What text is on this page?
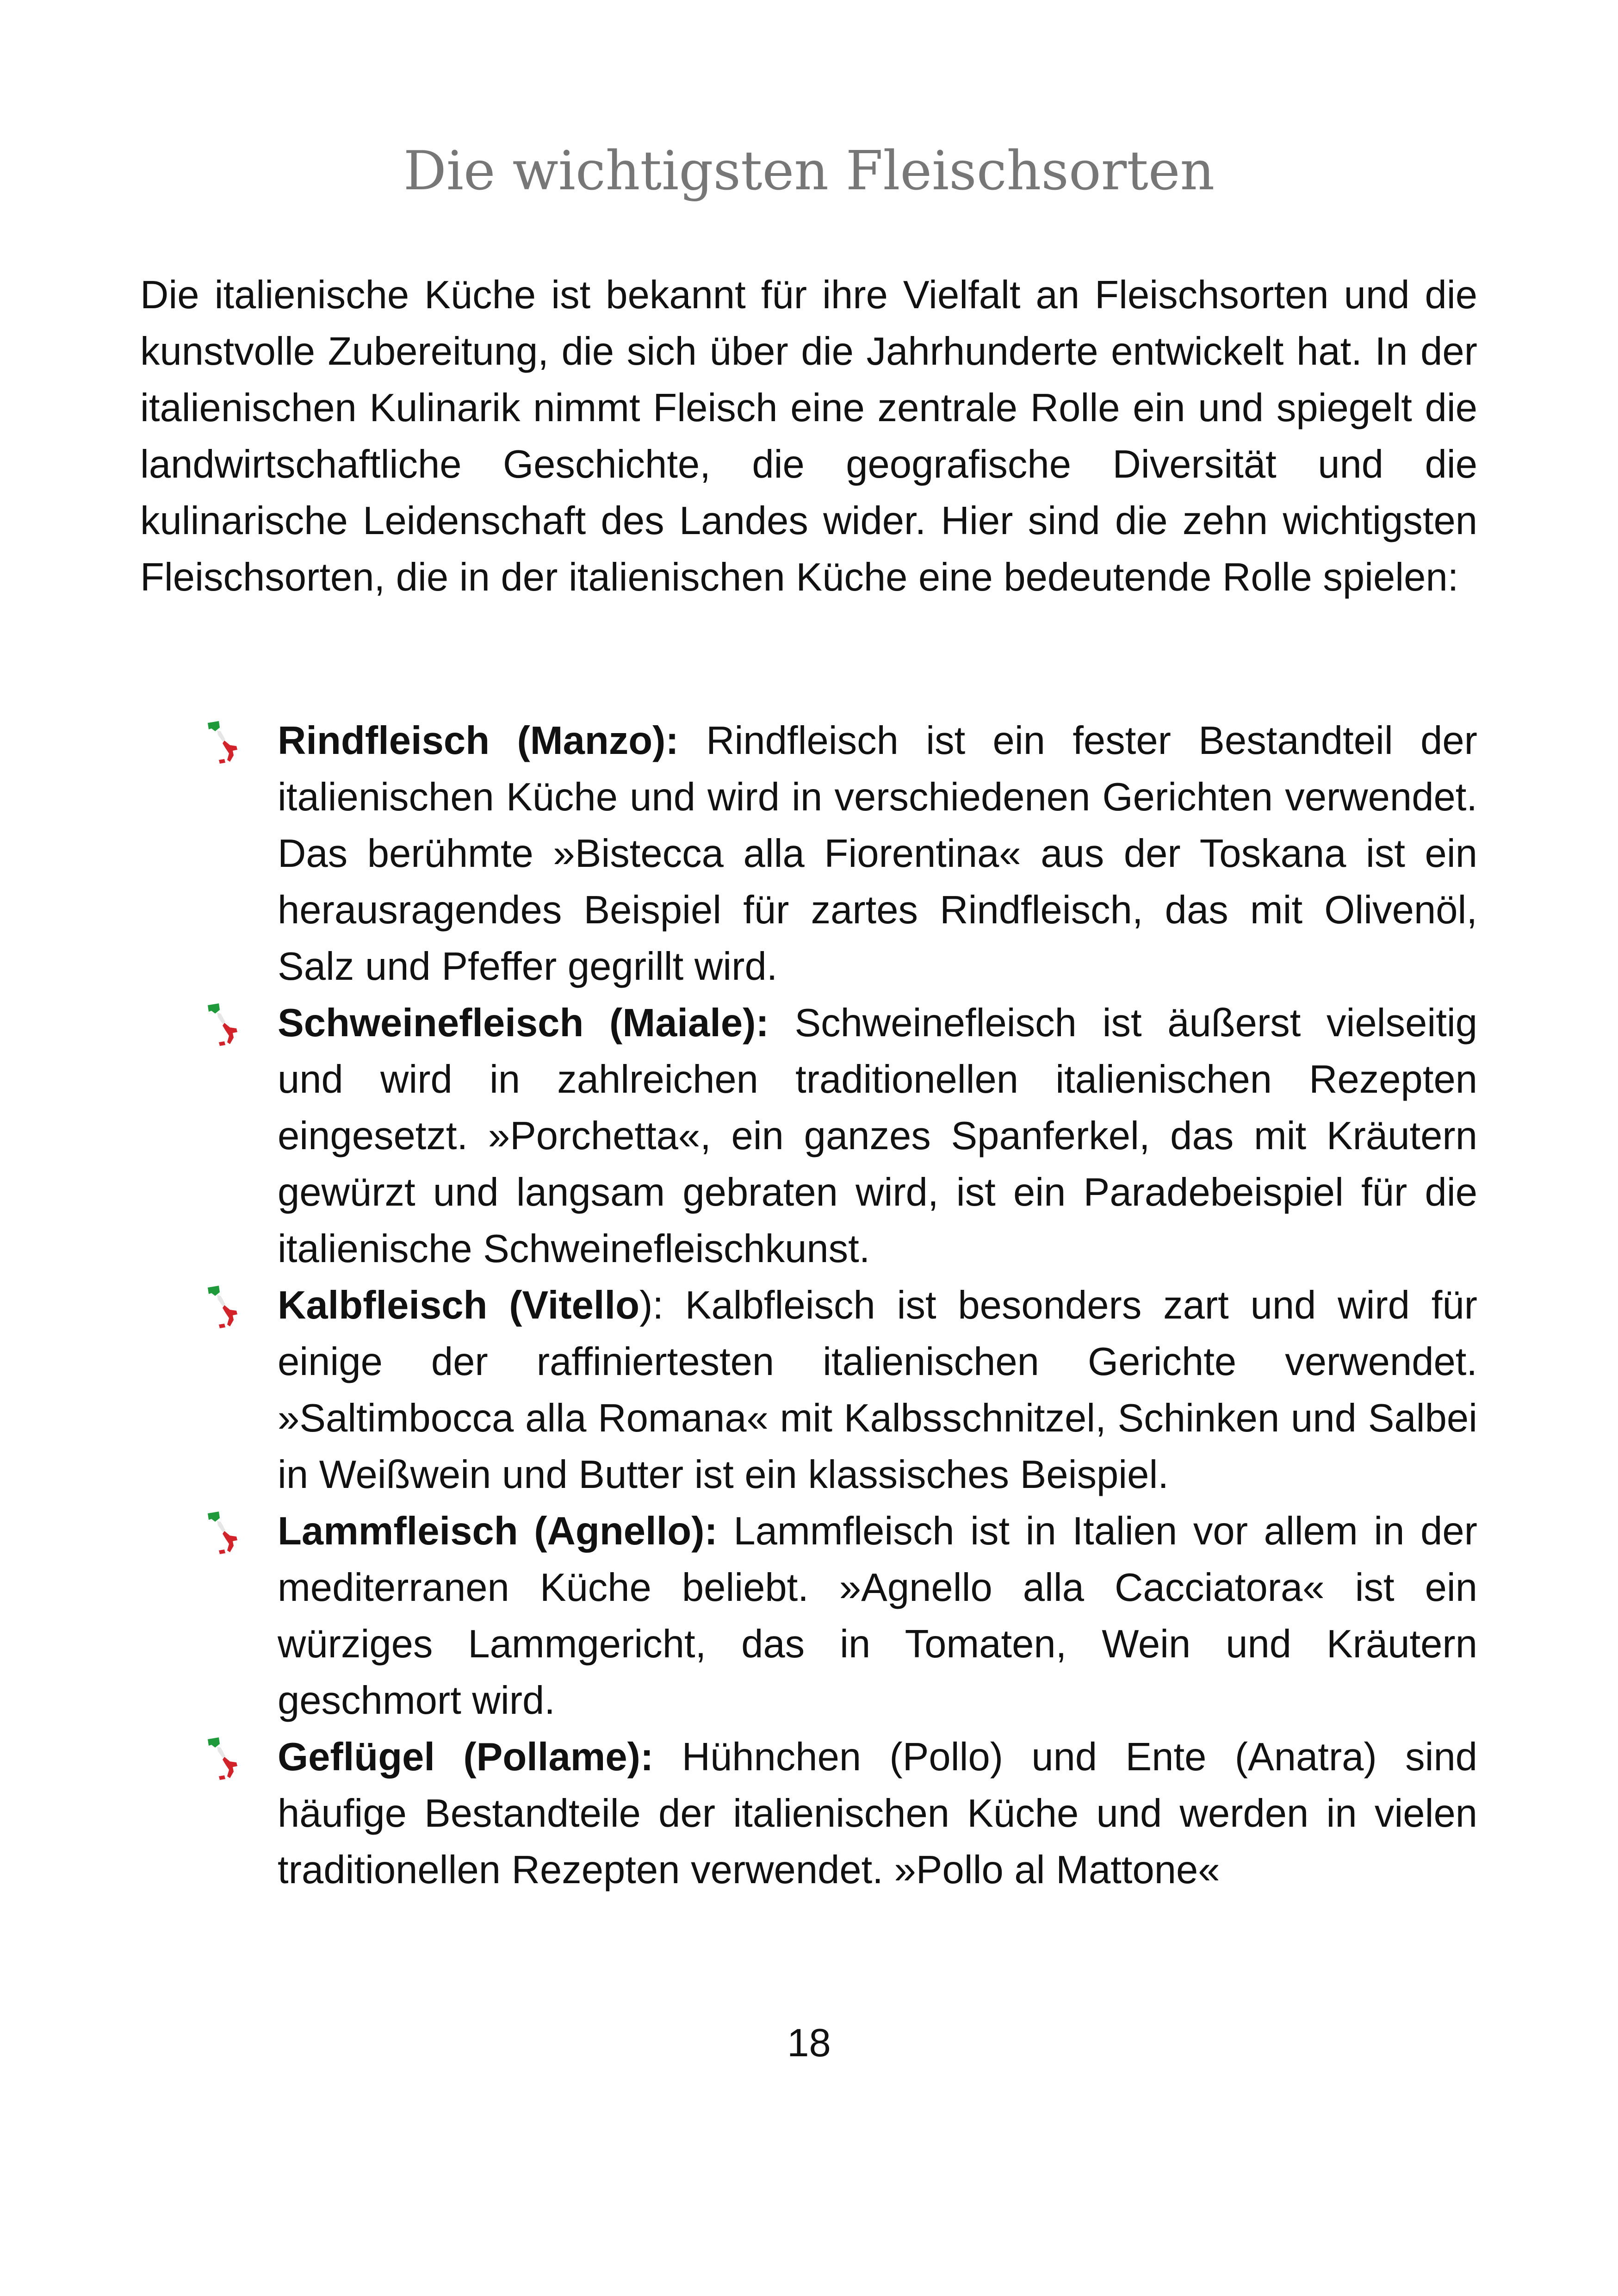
Die wichtigsten Fleischsorten

Die italienische Küche ist bekannt für ihre Vielfalt an Fleischsorten und die kunstvolle Zubereitung, die sich über die Jahrhunderte entwickelt hat. In der italienischen Kulinarik nimmt Fleisch eine zentrale Rolle ein und spiegelt die landwirtschaftliche Geschichte, die geografische Diversität und die kulinarische Leidenschaft des Landes wider. Hier sind die zehn wichtigsten Fleischsorten, die in der italienischen Küche eine bedeutende Rolle spielen:

Rindfleisch (Manzo): Rindfleisch ist ein fester Bestandteil der italienischen Küche und wird in verschiedenen Gerichten verwendet. Das berühmte »Bistecca alla Fiorentina« aus der Toskana ist ein herausragendes Beispiel für zartes Rindfleisch, das mit Olivenöl, Salz und Pfeffer gegrillt wird.
Schweinefleisch (Maiale): Schweinefleisch ist äußerst vielseitig und wird in zahlreichen traditionellen italienischen Rezepten eingesetzt. »Porchetta«, ein ganzes Spanferkel, das mit Kräutern gewürzt und langsam gebraten wird, ist ein Paradebeispiel für die italienische Schweinefleischkunst.
Kalbfleisch (Vitello): Kalbfleisch ist besonders zart und wird für einige der raffiniertesten italienischen Gerichte verwendet. »Saltimbocca alla Romana« mit Kalbsschnitzel, Schinken und Salbei in Weißwein und Butter ist ein klassisches Beispiel.
Lammfleisch (Agnello): Lammfleisch ist in Italien vor allem in der mediterranen Küche beliebt. »Agnello alla Cacciatora« ist ein würziges Lammgericht, das in Tomaten, Wein und Kräutern geschmort wird.
Geflügel (Pollame): Hühnchen (Pollo) und Ente (Anatra) sind häufige Bestandteile der italienischen Küche und werden in vielen traditionellen Rezepten verwendet. »Pollo al Mattone«
18
